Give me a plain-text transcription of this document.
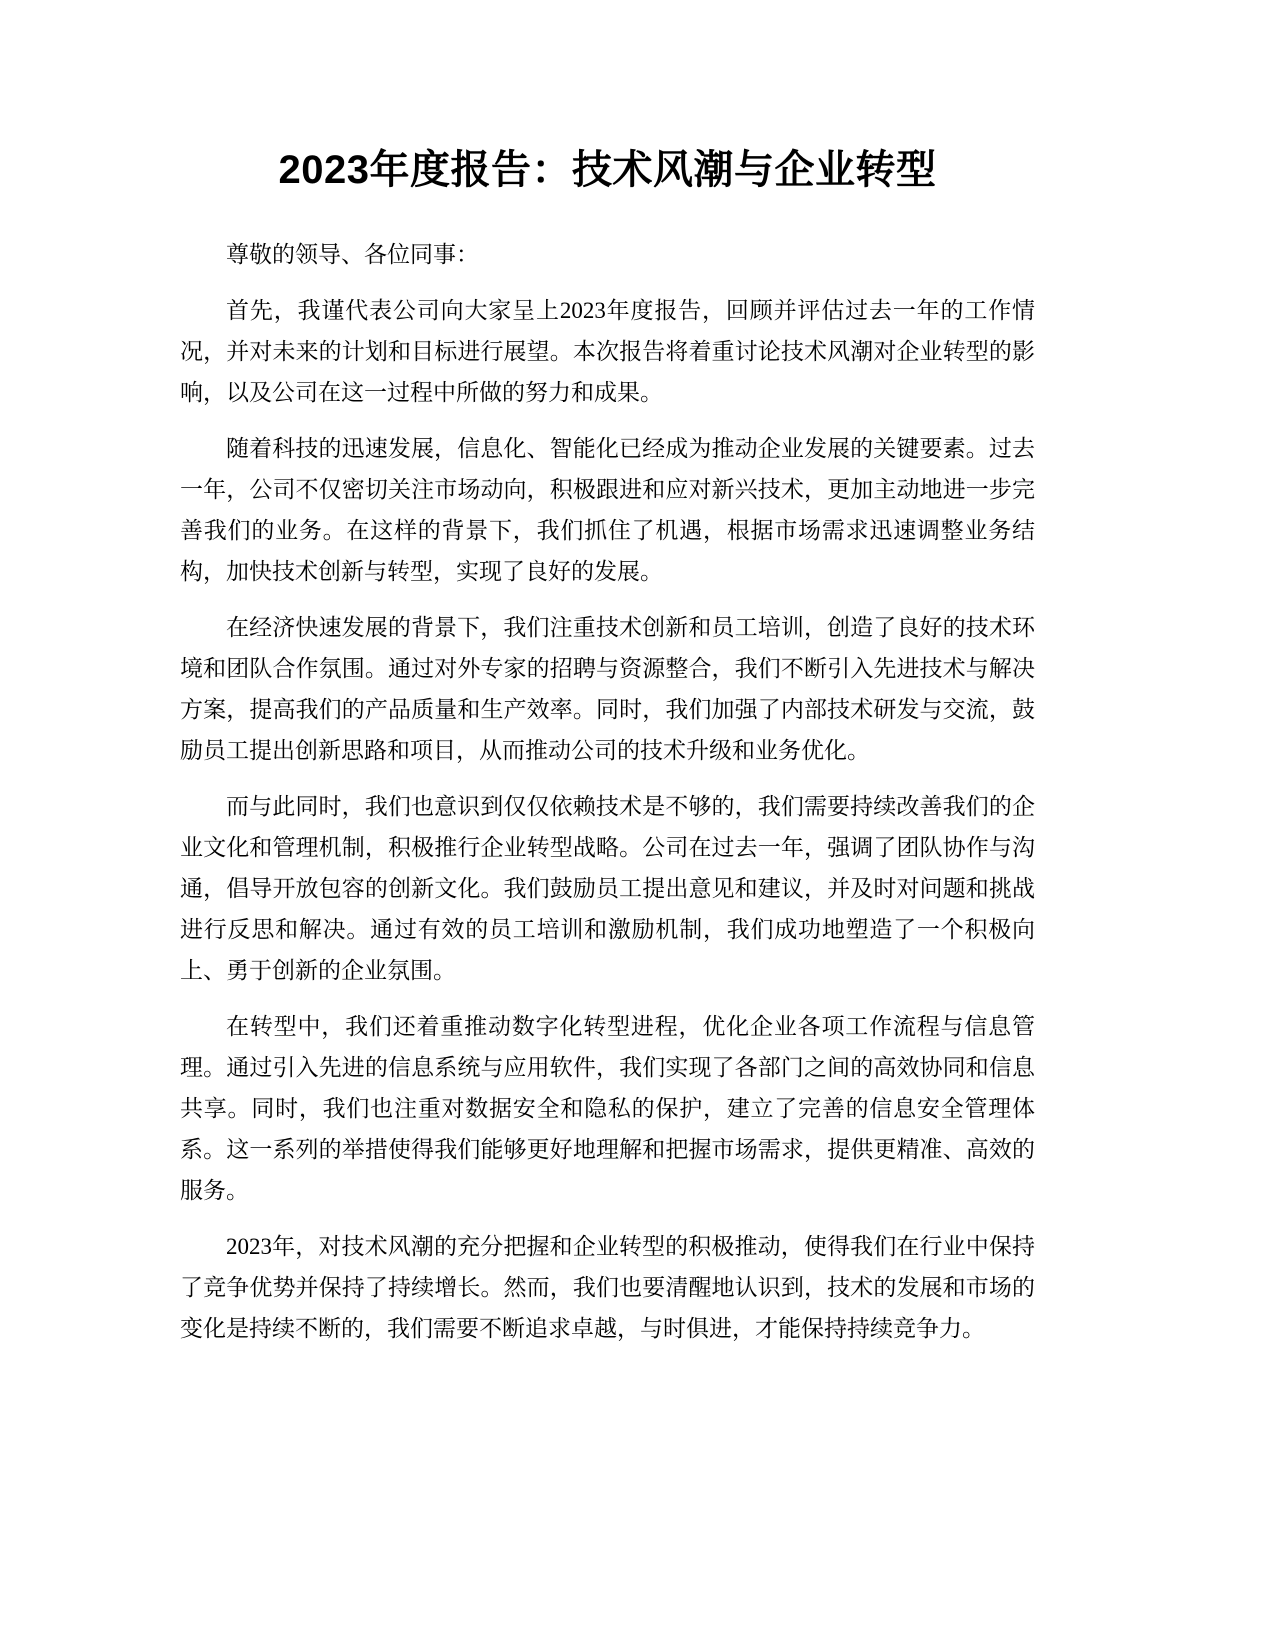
2023年度报告：技术风潮与企业转型

尊敬的领导、各位同事：

首先，我谨代表公司向大家呈上2023年度报告，回顾并评估过去一年的工作情况，并对未来的计划和目标进行展望。本次报告将着重讨论技术风潮对企业转型的影响，以及公司在这一过程中所做的努力和成果。

随着科技的迅速发展，信息化、智能化已经成为推动企业发展的关键要素。过去一年，公司不仅密切关注市场动向，积极跟进和应对新兴技术，更加主动地进一步完善我们的业务。在这样的背景下，我们抓住了机遇，根据市场需求迅速调整业务结构，加快技术创新与转型，实现了良好的发展。

在经济快速发展的背景下，我们注重技术创新和员工培训，创造了良好的技术环境和团队合作氛围。通过对外专家的招聘与资源整合，我们不断引入先进技术与解决方案，提高我们的产品质量和生产效率。同时，我们加强了内部技术研发与交流，鼓励员工提出创新思路和项目，从而推动公司的技术升级和业务优化。

而与此同时，我们也意识到仅仅依赖技术是不够的，我们需要持续改善我们的企业文化和管理机制，积极推行企业转型战略。公司在过去一年，强调了团队协作与沟通，倡导开放包容的创新文化。我们鼓励员工提出意见和建议，并及时对问题和挑战进行反思和解决。通过有效的员工培训和激励机制，我们成功地塑造了一个积极向上、勇于创新的企业氛围。

在转型中，我们还着重推动数字化转型进程，优化企业各项工作流程与信息管理。通过引入先进的信息系统与应用软件，我们实现了各部门之间的高效协同和信息共享。同时，我们也注重对数据安全和隐私的保护，建立了完善的信息安全管理体系。这一系列的举措使得我们能够更好地理解和把握市场需求，提供更精准、高效的服务。

2023年，对技术风潮的充分把握和企业转型的积极推动，使得我们在行业中保持了竞争优势并保持了持续增长。然而，我们也要清醒地认识到，技术的发展和市场的变化是持续不断的，我们需要不断追求卓越，与时俱进，才能保持持续竞争力。
